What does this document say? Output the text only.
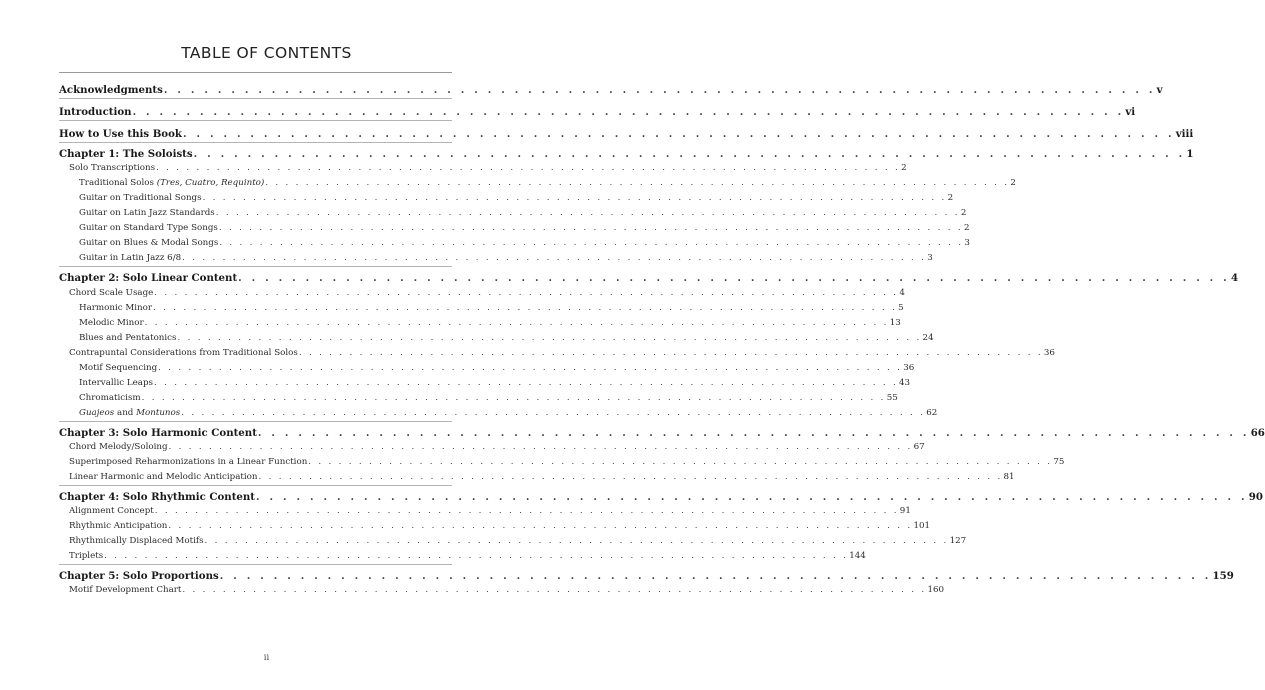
TABLE OF CONTENTS
Acknowledgments . . . . . . . . . . . . . . . . . . . . . . . . . . . . . . . . . . . . . . . . . . . . . . . . . . . . . . . . . . . . . . . . . . . . . . . . . . v
Introduction . . . . . . . . . . . . . . . . . . . . . . . . . . . . . . . . . . . . . . . . . . . . . . . . . . . . . . . . . . . . . . . . . . . . . . . . . . vi
How to Use this Book . . . . . . . . . . . . . . . . . . . . . . . . . . . . . . . . . . . . . . . . . . . . . . . . . . . . . . . . . . . . . . . . . . . . . . . . . . viii
Chapter 1: The Soloists . . . . . . . . . . . . . . . . . . . . . . . . . . . . . . . . . . . . . . . . . . . . . . . . . . . . . . . . . . . . . . . . . . . . . . . . . . 1
Solo Transcriptions . . . . . . . . . . . . . . . . . . . . . . . . . . . . . . . . . . . . . . . . . . . . . . . . . . . . . . . . . . . . . . . . . . . . . . . . . . 2
Traditional Solos (Tres, Cuatro, Requinto) . . . . . . . . . . . . . . . . . . . . . . . . . . . . . . . . . . . . . . . . . . . . . . . . . . . . . . . . . . . . . . . . . . . . . . . . . . 2
Guitar on Traditional Songs . . . . . . . . . . . . . . . . . . . . . . . . . . . . . . . . . . . . . . . . . . . . . . . . . . . . . . . . . . . . . . . . . . . . . . . . . . 2
Guitar on Latin Jazz Standards . . . . . . . . . . . . . . . . . . . . . . . . . . . . . . . . . . . . . . . . . . . . . . . . . . . . . . . . . . . . . . . . . . . . . . . . . . 2
Guitar on Standard Type Songs . . . . . . . . . . . . . . . . . . . . . . . . . . . . . . . . . . . . . . . . . . . . . . . . . . . . . . . . . . . . . . . . . . . . . . . . . . 2
Guitar on Blues & Modal Songs . . . . . . . . . . . . . . . . . . . . . . . . . . . . . . . . . . . . . . . . . . . . . . . . . . . . . . . . . . . . . . . . . . . . . . . . . . 3
Guitar in Latin Jazz 6/8 . . . . . . . . . . . . . . . . . . . . . . . . . . . . . . . . . . . . . . . . . . . . . . . . . . . . . . . . . . . . . . . . . . . . . . . . . . 3
Chapter 2: Solo Linear Content . . . . . . . . . . . . . . . . . . . . . . . . . . . . . . . . . . . . . . . . . . . . . . . . . . . . . . . . . . . . . . . . . . . . . . . . . . 4
Chord Scale Usage . . . . . . . . . . . . . . . . . . . . . . . . . . . . . . . . . . . . . . . . . . . . . . . . . . . . . . . . . . . . . . . . . . . . . . . . . . 4
Harmonic Minor . . . . . . . . . . . . . . . . . . . . . . . . . . . . . . . . . . . . . . . . . . . . . . . . . . . . . . . . . . . . . . . . . . . . . . . . . . 5
Melodic Minor . . . . . . . . . . . . . . . . . . . . . . . . . . . . . . . . . . . . . . . . . . . . . . . . . . . . . . . . . . . . . . . . . . . . . . . . . . 13
Blues and Pentatonics . . . . . . . . . . . . . . . . . . . . . . . . . . . . . . . . . . . . . . . . . . . . . . . . . . . . . . . . . . . . . . . . . . . . . . . . . . 24
Contrapuntal Considerations from Traditional Solos . . . . . . . . . . . . . . . . . . . . . . . . . . . . . . . . . . . . . . . . . . . . . . . . . . . . . . . . . . . . . . . . . . . . . . . . . . 36
Motif Sequencing . . . . . . . . . . . . . . . . . . . . . . . . . . . . . . . . . . . . . . . . . . . . . . . . . . . . . . . . . . . . . . . . . . . . . . . . . . 36
Intervallic Leaps . . . . . . . . . . . . . . . . . . . . . . . . . . . . . . . . . . . . . . . . . . . . . . . . . . . . . . . . . . . . . . . . . . . . . . . . . . 43
Chromaticism . . . . . . . . . . . . . . . . . . . . . . . . . . . . . . . . . . . . . . . . . . . . . . . . . . . . . . . . . . . . . . . . . . . . . . . . . . 55
Guajeos and Montunos . . . . . . . . . . . . . . . . . . . . . . . . . . . . . . . . . . . . . . . . . . . . . . . . . . . . . . . . . . . . . . . . . . . . . . . . . . 62
Chapter 3: Solo Harmonic Content . . . . . . . . . . . . . . . . . . . . . . . . . . . . . . . . . . . . . . . . . . . . . . . . . . . . . . . . . . . . . . . . . . . . . . . . . . 66
Chord Melody/Soloing . . . . . . . . . . . . . . . . . . . . . . . . . . . . . . . . . . . . . . . . . . . . . . . . . . . . . . . . . . . . . . . . . . . . . . . . . . 67
Superimposed Reharmonizations in a Linear Function . . . . . . . . . . . . . . . . . . . . . . . . . . . . . . . . . . . . . . . . . . . . . . . . . . . . . . . . . . . . . . . . . . . . . . . . . . 75
Linear Harmonic and Melodic Anticipation . . . . . . . . . . . . . . . . . . . . . . . . . . . . . . . . . . . . . . . . . . . . . . . . . . . . . . . . . . . . . . . . . . . . . . . . . . 81
Chapter 4: Solo Rhythmic Content . . . . . . . . . . . . . . . . . . . . . . . . . . . . . . . . . . . . . . . . . . . . . . . . . . . . . . . . . . . . . . . . . . . . . . . . . . 90
Alignment Concept . . . . . . . . . . . . . . . . . . . . . . . . . . . . . . . . . . . . . . . . . . . . . . . . . . . . . . . . . . . . . . . . . . . . . . . . . . 91
Rhythmic Anticipation . . . . . . . . . . . . . . . . . . . . . . . . . . . . . . . . . . . . . . . . . . . . . . . . . . . . . . . . . . . . . . . . . . . . . . . . . . 101
Rhythmically Displaced Motifs . . . . . . . . . . . . . . . . . . . . . . . . . . . . . . . . . . . . . . . . . . . . . . . . . . . . . . . . . . . . . . . . . . . . . . . . . . 127
Triplets . . . . . . . . . . . . . . . . . . . . . . . . . . . . . . . . . . . . . . . . . . . . . . . . . . . . . . . . . . . . . . . . . . . . . . . . . . 144
Chapter 5: Solo Proportions . . . . . . . . . . . . . . . . . . . . . . . . . . . . . . . . . . . . . . . . . . . . . . . . . . . . . . . . . . . . . . . . . . . . . . . . . . 159
Motif Development Chart . . . . . . . . . . . . . . . . . . . . . . . . . . . . . . . . . . . . . . . . . . . . . . . . . . . . . . . . . . . . . . . . . . . . . . . . . . 160
ii
